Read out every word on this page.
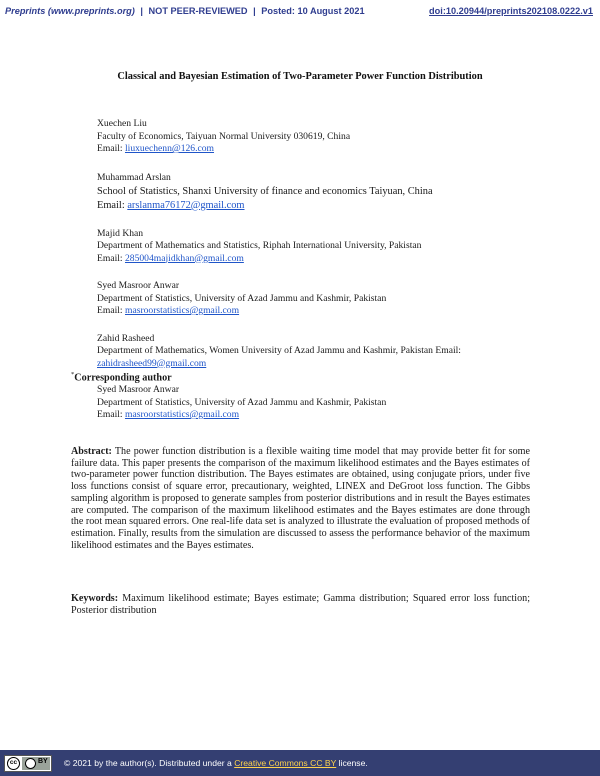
Preprints (www.preprints.org) | NOT PEER-REVIEWED | Posted: 10 August 2021	doi:10.20944/preprints202108.0222.v1
Classical and Bayesian Estimation of Two-Parameter Power Function Distribution
Xuechen Liu
Faculty of Economics, Taiyuan Normal University 030619, China
Email: liuxuechenn@126.com
Muhammad Arslan
School of Statistics, Shanxi University of finance and economics Taiyuan, China
Email: arslanma76172@gmail.com
Majid Khan
Department of Mathematics and Statistics, Riphah International University, Pakistan
Email: 285004majidkhan@gmail.com
Syed Masroor Anwar
Department of Statistics, University of Azad Jammu and Kashmir, Pakistan
Email: masroorstatistics@gmail.com
Zahid Rasheed
Department of Mathematics, Women University of Azad Jammu and Kashmir, Pakistan Email:
zahidrasheed99@gmail.com
*Corresponding author
Syed Masroor Anwar
Department of Statistics, University of Azad Jammu and Kashmir, Pakistan
Email: masroorstatistics@gmail.com
Abstract: The power function distribution is a flexible waiting time model that may provide better fit for some failure data. This paper presents the comparison of the maximum likelihood estimates and the Bayes estimates of two-parameter power function distribution. The Bayes estimates are obtained, using conjugate priors, under five loss functions consist of square error, precautionary, weighted, LINEX and DeGroot loss function. The Gibbs sampling algorithm is proposed to generate samples from posterior distributions and in result the Bayes estimates are computed. The comparison of the maximum likelihood estimates and the Bayes estimates are done through the root mean squared errors. One real-life data set is analyzed to illustrate the evaluation of proposed methods of estimation. Finally, results from the simulation are discussed to assess the performance behavior of the maximum likelihood estimates and the Bayes estimates.
Keywords: Maximum likelihood estimate; Bayes estimate; Gamma distribution; Squared error loss function; Posterior distribution
cc	BY © 2021 by the author(s). Distributed under a Creative Commons CC BY license.
